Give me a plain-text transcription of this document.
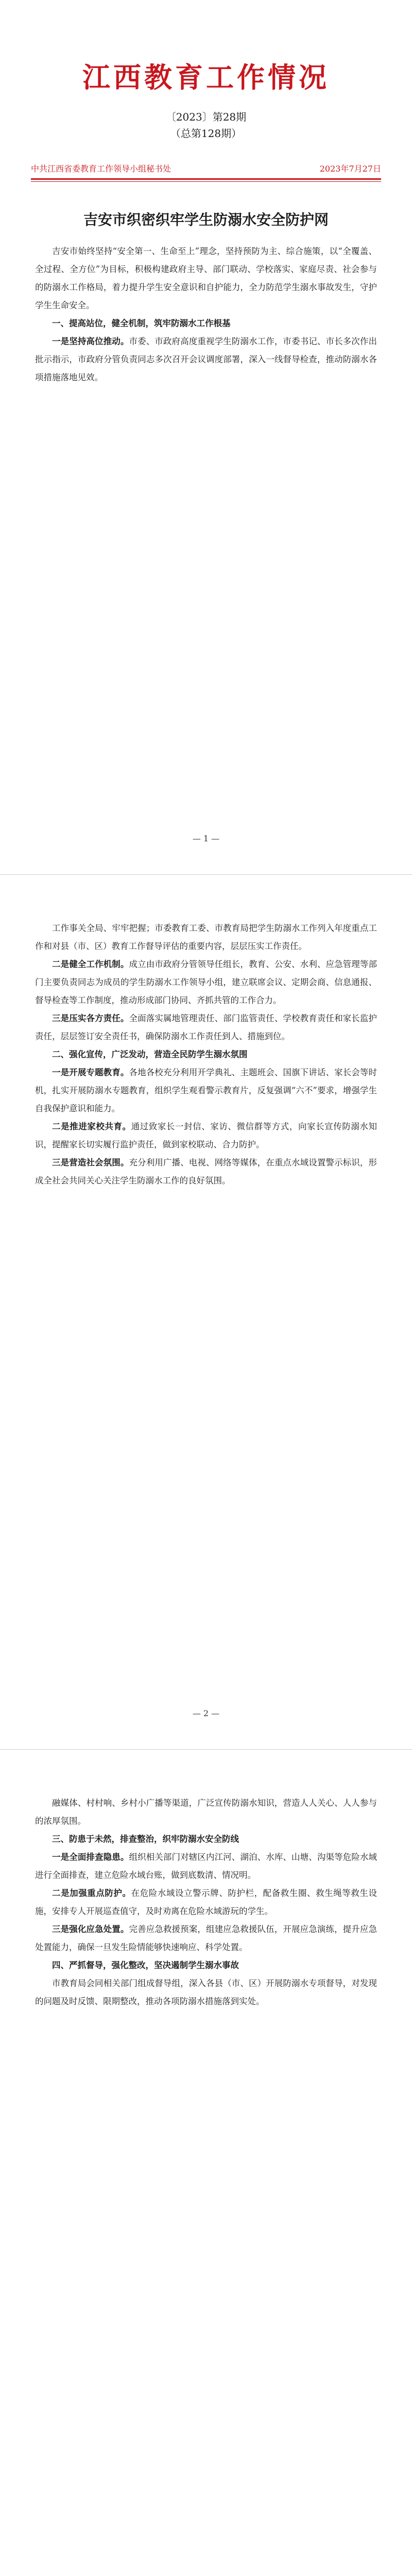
江西教育工作情况
〔2023〕第28期
（总第128期）
中共江西省委教育工作领导小组秘书处	2023年7月27日
吉安市织密织牢学生防溺水安全防护网

吉安市始终坚持“安全第一、生命至上”理念，坚持预防为主、综合施策，以“全覆盖、全过程、全方位”为目标，积极构建政府主导、部门联动、学校落实、家庭尽责、社会参与的防溺水工作格局，着力提升学生安全意识和自护能力，全力防范学生溺水事故发生，守护学生生命安全。

一、提高站位，健全机制，筑牢防溺水工作根基

一是坚持高位推动。市委、市政府高度重视学生防溺水工作，市委书记、市长多次作出批示指示，市政府分管负责同志多次召开会议调度部署，深入一线督导检查，推动防溺水各项措施落地见效。

— 1 —

工作事关全局、牢牢把握；市委教育工委、市教育局把学生防溺水工作列入年度重点工作和对县（市、区）教育工作督导评估的重要内容，层层压实工作责任。

二是健全工作机制。成立由市政府分管领导任组长，教育、公安、水利、应急管理等部门主要负责同志为成员的学生防溺水工作领导小组，建立联席会议、定期会商、信息通报、督导检查等工作制度，推动形成部门协同、齐抓共管的工作合力。

三是压实各方责任。全面落实属地管理责任、部门监管责任、学校教育责任和家长监护责任，层层签订安全责任书，确保防溺水工作责任到人、措施到位。

二、强化宣传，广泛发动，营造全民防学生溺水氛围

一是开展专题教育。各地各校充分利用开学典礼、主题班会、国旗下讲话、家长会等时机，扎实开展防溺水专题教育，组织学生观看警示教育片，反复强调“六不”要求，增强学生自我保护意识和能力。

二是推进家校共育。通过致家长一封信、家访、微信群等方式，向家长宣传防溺水知识，提醒家长切实履行监护责任，做到家校联动、合力防护。

三是营造社会氛围。充分利用广播、电视、网络等媒体，在重点水域设置警示标识，形成全社会共同关心关注学生防溺水工作的良好氛围。

— 2 —

融媒体、村村响、乡村小广播等渠道，广泛宣传防溺水知识，营造人人关心、人人参与的浓厚氛围。

三、防患于未然，排查整治，织牢防溺水安全防线

一是全面排查隐患。组织相关部门对辖区内江河、湖泊、水库、山塘、沟渠等危险水域进行全面排查，建立危险水域台账，做到底数清、情况明。

二是加强重点防护。在危险水域设立警示牌、防护栏，配备救生圈、救生绳等救生设施，安排专人开展巡查值守，及时劝离在危险水域游玩的学生。

三是强化应急处置。完善应急救援预案，组建应急救援队伍，开展应急演练，提升应急处置能力，确保一旦发生险情能够快速响应、科学处置。

四、严抓督导，强化整改，坚决遏制学生溺水事故

市教育局会同相关部门组成督导组，深入各县（市、区）开展防溺水专项督导，对发现的问题及时反馈、限期整改，推动各项防溺水措施落到实处。
